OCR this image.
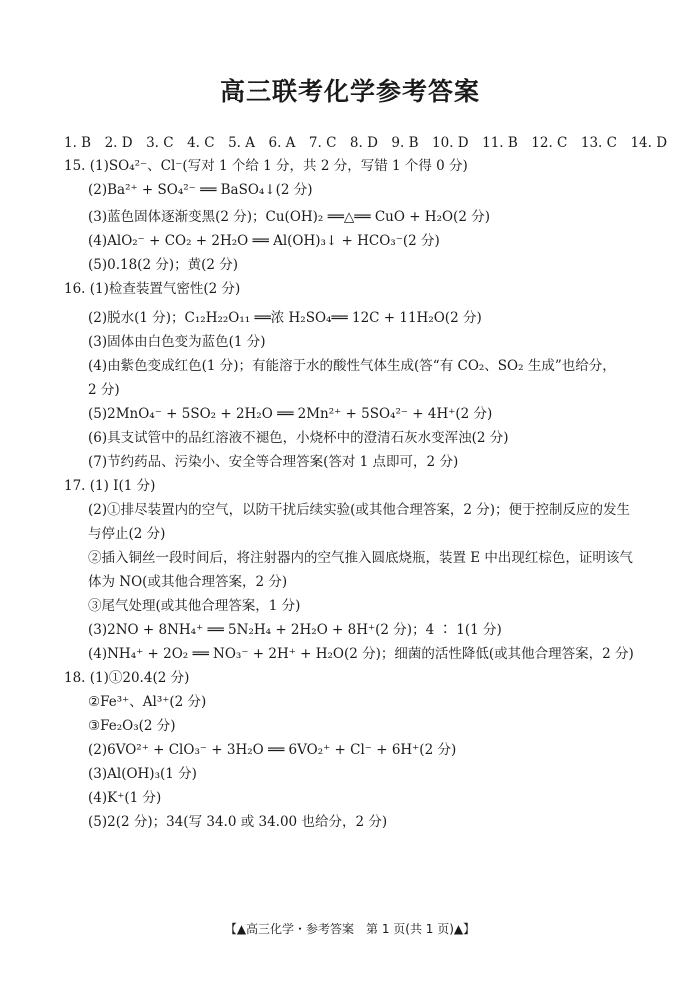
高三联考化学参考答案
1. B　2. D　3. C　4. C　5. A　6. A　7. C　8. D　9. B　10. D　11. B　12. C　13. C　14. D
15. (1)SO₄²⁻、Cl⁻(写对 1 个给 1 分，共 2 分，写错 1 个得 0 分)
(2)Ba²⁺ + SO₄²⁻ ══ BaSO₄↓(2 分)
(3)蓝色固体逐渐变黑(2 分)；Cu(OH)₂ ══△══ CuO + H₂O(2 分)
(4)AlO₂⁻ + CO₂ + 2H₂O ══ Al(OH)₃↓ + HCO₃⁻(2 分)
(5)0.18(2 分)；黄(2 分)
16. (1)检查装置气密性(2 分)
(2)脱水(1 分)；C₁₂H₂₂O₁₁ ══浓 H₂SO₄══ 12C + 11H₂O(2 分)
(3)固体由白色变为蓝色(1 分)
(4)由紫色变成红色(1 分)；有能溶于水的酸性气体生成(答“有 CO₂、SO₂ 生成”也给分，
2 分)
(5)2MnO₄⁻ + 5SO₂ + 2H₂O ══ 2Mn²⁺ + 5SO₄²⁻ + 4H⁺(2 分)
(6)具支试管中的品红溶液不褪色，小烧杯中的澄清石灰水变浑浊(2 分)
(7)节约药品、污染小、安全等合理答案(答对 1 点即可，2 分)
17. (1) Ⅰ(1 分)
(2)①排尽装置内的空气，以防干扰后续实验(或其他合理答案，2 分)；便于控制反应的发生
与停止(2 分)
②插入铜丝一段时间后，将注射器内的空气推入圆底烧瓶，装置 E 中出现红棕色，证明该气
体为 NO(或其他合理答案，2 分)
③尾气处理(或其他合理答案，1 分)
(3)2NO + 8NH₄⁺ ══ 5N₂H₄ + 2H₂O + 8H⁺(2 分)；4 ∶ 1(1 分)
(4)NH₄⁺ + 2O₂ ══ NO₃⁻ + 2H⁺ + H₂O(2 分)；细菌的活性降低(或其他合理答案，2 分)
18. (1)①20.4(2 分)
②Fe³⁺、Al³⁺(2 分)
③Fe₂O₃(2 分)
(2)6VO²⁺ + ClO₃⁻ + 3H₂O ══ 6VO₂⁺ + Cl⁻ + 6H⁺(2 分)
(3)Al(OH)₃(1 分)
(4)K⁺(1 分)
(5)2(2 分)；34(写 34.0 或 34.00 也给分，2 分)
【▲高三化学・参考答案　第 1 页(共 1 页)▲】
